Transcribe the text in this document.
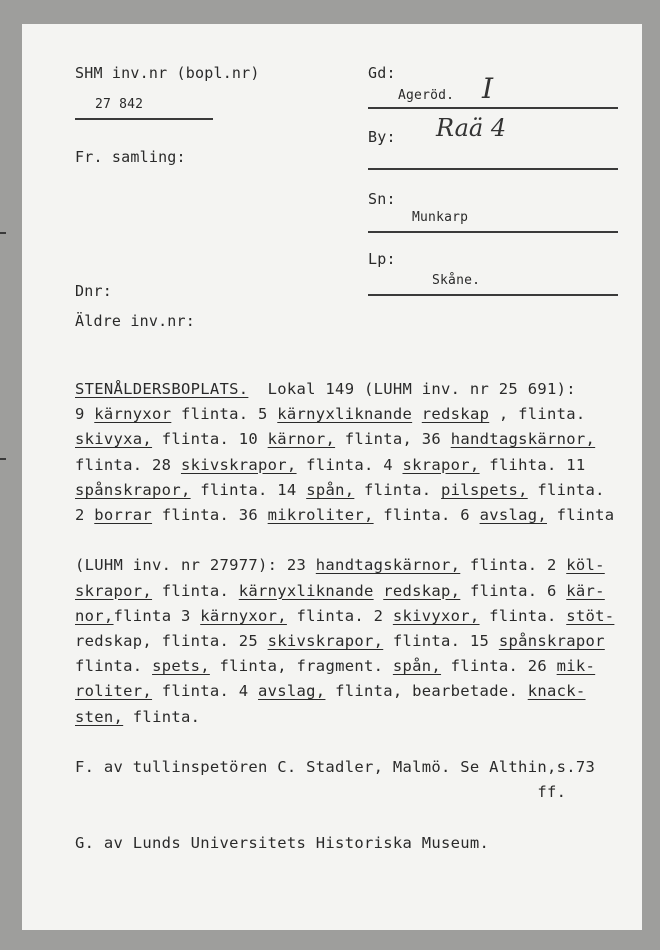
SHM inv.nr (bopl.nr)
27 842
Fr. samling:
Dnr:
Äldre inv.nr:
Gd:
Ageröd. I
By: Raä 4
Sn:
Munkarp
Lp:
Skåne.
STENÅLDERSBOPLATS.  Lokal 149 (LUHM inv. nr 25 691):
9 kärnyxor flinta. 5 kärnyxliknande redskap , flinta.
skivyxa, flinta. 10 kärnor, flinta, 36 handtagskärnor,
flinta. 28 skivskrapor, flinta. 4 skrapor, flihta. 11
spånskrapor, flinta. 14 spån, flinta. pilspets, flinta.
2 borrar flinta. 36 mikroliter, flinta. 6 avslag, flinta
(LUHM inv. nr 27977): 23 handtagskärnor, flinta. 2 köl-
skrapor, flinta. kärnyxliknande redskap, flinta. 6 kär-
nor,flinta 3 kärnyxor, flinta. 2 skivyxor, flinta. stöt-
redskap, flinta. 25 skivskrapor, flinta. 15 spånskrapor
flinta. spets, flinta, fragment. spån, flinta. 26 mik-
roliter, flinta. 4 avslag, flinta, bearbetade. knack-
sten, flinta.
F. av tullinspetören C. Stadler, Malmö. Se Althin,s.73
ff.
G. av Lunds Universitets Historiska Museum.
